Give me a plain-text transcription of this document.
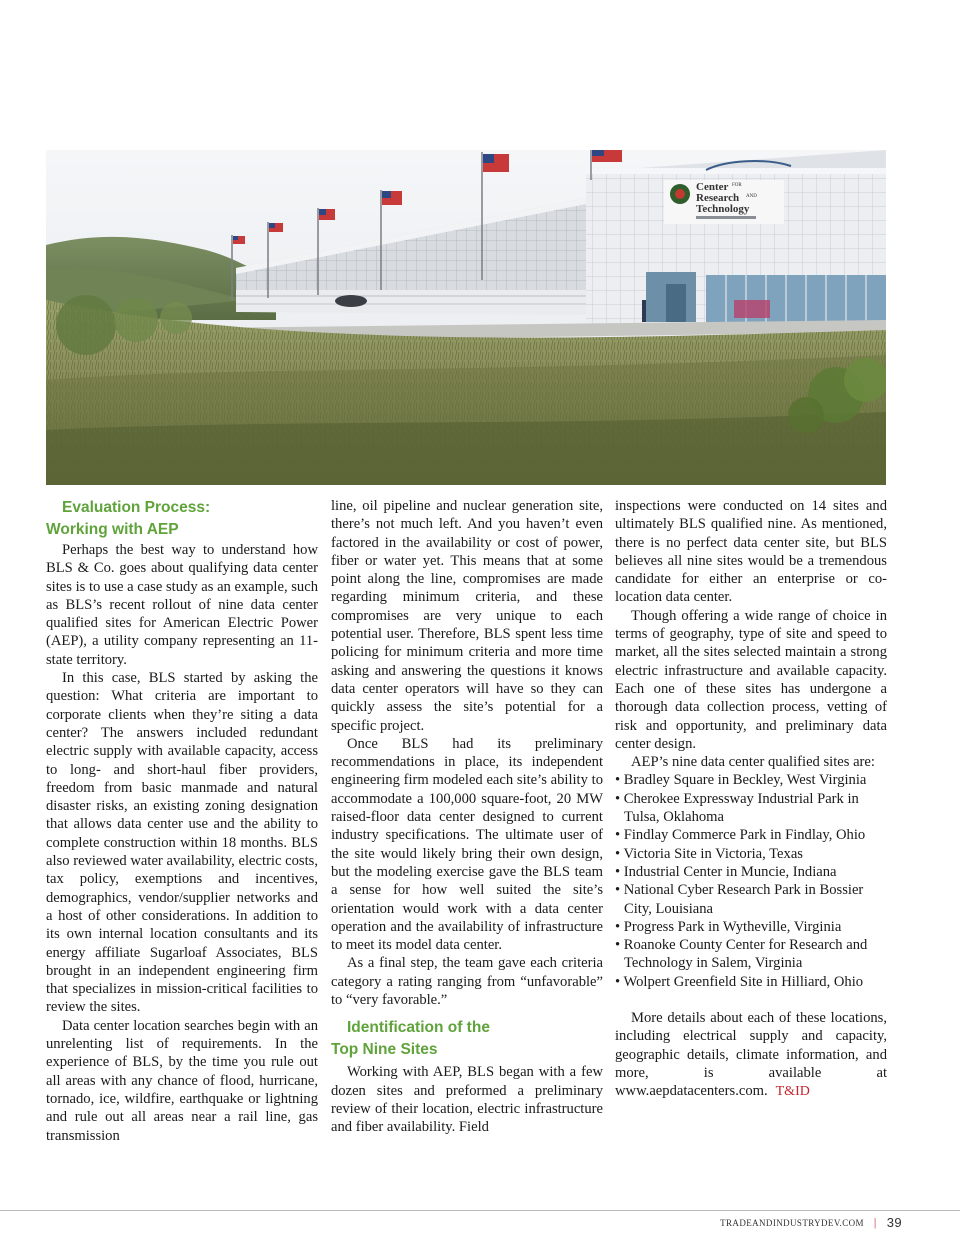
Center FOR
Research AND
Technology

Evaluation Process:
Working with AEP

Perhaps the best way to understand how BLS & Co. goes about qualifying data center sites is to use a case study as an example, such as BLS’s recent rollout of nine data center qualified sites for American Electric Power (AEP), a utility company representing an 11-state territory.

In this case, BLS started by asking the question: What criteria are important to corporate clients when they’re siting a data center? The answers included redundant electric supply with available capacity, access to long- and short-haul fiber providers, freedom from basic manmade and natural disaster risks, an existing zoning designation that allows data center use and the ability to complete construction within 18 months. BLS also reviewed water availability, electric costs, tax policy, exemptions and incentives, demographics, vendor/supplier networks and a host of other considerations. In addition to its own internal location consultants and its energy affiliate Sugarloaf Associates, BLS brought in an independent engineering firm that specializes in mission-critical facilities to review the sites.

Data center location searches begin with an unrelenting list of requirements. In the experience of BLS, by the time you rule out all areas with any chance of flood, hurricane, tornado, ice, wildfire, earthquake or lightning and rule out all areas near a rail line, gas transmission

line, oil pipeline and nuclear generation site, there’s not much left. And you haven’t even factored in the availability or cost of power, fiber or water yet. This means that at some point along the line, compromises are made regarding minimum criteria, and these compromises are very unique to each potential user. Therefore, BLS spent less time policing for minimum criteria and more time asking and answering the questions it knows data center operators will have so they can quickly assess the site’s potential for a specific project.

Once BLS had its preliminary recommendations in place, its independent engineering firm modeled each site’s ability to accommodate a 100,000 square-foot, 20 MW raised-floor data center designed to current industry specifications. The ultimate user of the site would likely bring their own design, but the modeling exercise gave the BLS team a sense for how well suited the site’s orientation would work with a data center operation and the availability of infrastructure to meet its model data center.

As a final step, the team gave each criteria category a rating ranging from “unfavorable” to “very favorable.”

Identification of the
Top Nine Sites

Working with AEP, BLS began with a few dozen sites and preformed a preliminary review of their location, electric infrastructure and fiber availability. Field

inspections were conducted on 14 sites and ultimately BLS qualified nine. As mentioned, there is no perfect data center site, but BLS believes all nine sites would be a tremendous candidate for either an enterprise or co-location data center.

Though offering a wide range of choice in terms of geography, type of site and speed to market, all the sites selected maintain a strong electric infrastructure and available capacity. Each one of these sites has undergone a thorough data collection process, vetting of risk and opportunity, and preliminary data center design.

AEP’s nine data center qualified sites are:

• Bradley Square in Beckley, West Virginia
• Cherokee Expressway Industrial Park in Tulsa, Oklahoma
• Findlay Commerce Park in Findlay, Ohio
• Victoria Site in Victoria, Texas
• Industrial Center in Muncie, Indiana
• National Cyber Research Park in Bossier City, Louisiana
• Progress Park in Wytheville, Virginia
• Roanoke County Center for Research and Technology in Salem, Virginia
• Wolpert Greenfield Site in Hilliard, Ohio

More details about each of these locations, including electrical supply and capacity, geographic details, climate information, and more, is available at www.aepdatacenters.com. T&ID

TRADEANDINDUSTRYDEV.COM | 39
